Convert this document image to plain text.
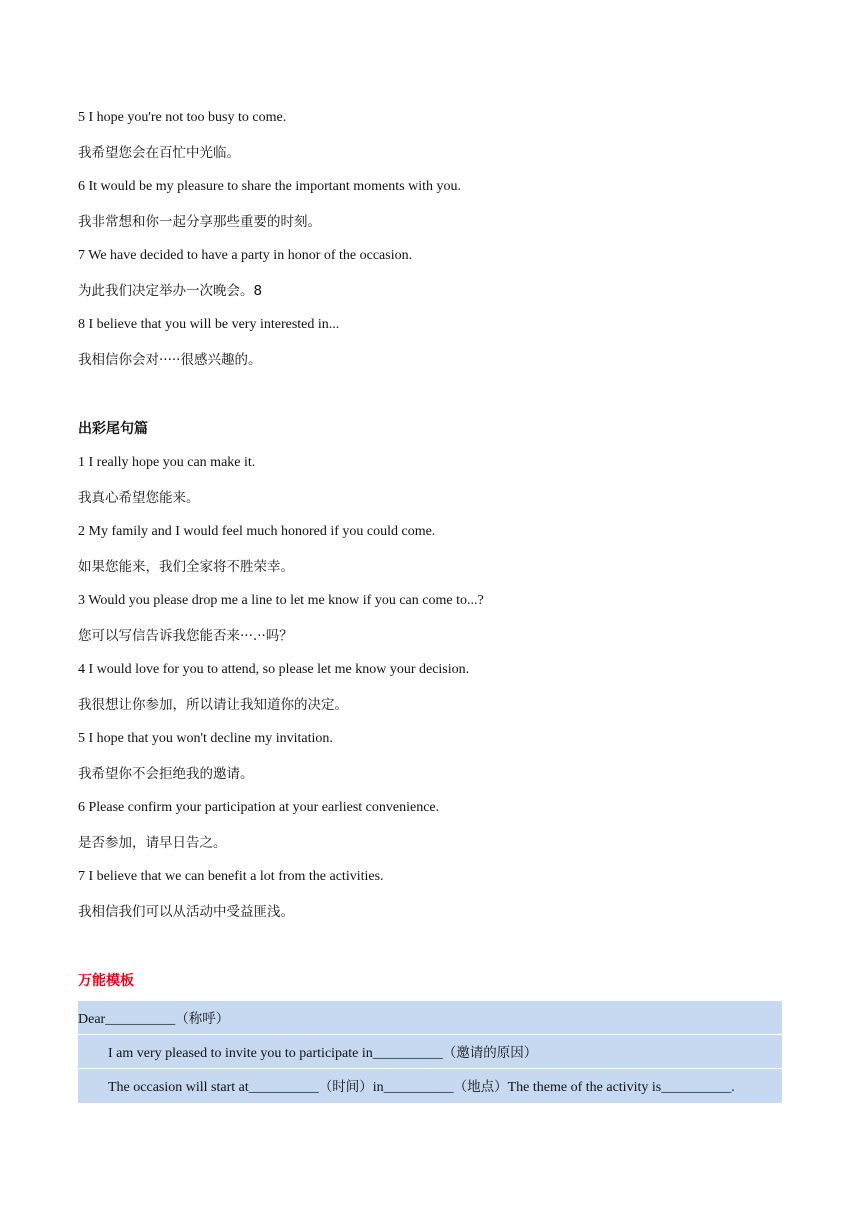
5 I hope you're not too busy to come.
我希望您会在百忙中光临。
6 It would be my pleasure to share the important moments with you.
我非常想和你一起分享那些重要的时刻。
7 We have decided to have a party in honor of the occasion.
为此我们决定举办一次晚会。8
8 I believe that you will be very interested in...
我相信你会对·····很感兴趣的。
出彩尾句篇
1 I really hope you can make it.
我真心希望您能来。
2 My family and I would feel much honored if you could come.
如果您能来，我们全家将不胜荣幸。
3 Would you please drop me a line to let me know if you can come to...?
您可以写信告诉我您能否来···.··吗？
4 I would love for you to attend, so please let me know your decision.
我很想让你参加，所以请让我知道你的决定。
5 I hope that you won't decline my invitation.
我希望你不会拒绝我的邀请。
6 Please confirm your participation at your earliest convenience.
是否参加，请早日告之。
7 I believe that we can benefit a lot from the activities.
我相信我们可以从活动中受益匪浅。
万能模板
Dear__________（称呼）
I am very pleased to invite you to participate in__________（邀请的原因）
The occasion will start at__________（时间）in__________（地点）The theme of the activity is__________.
